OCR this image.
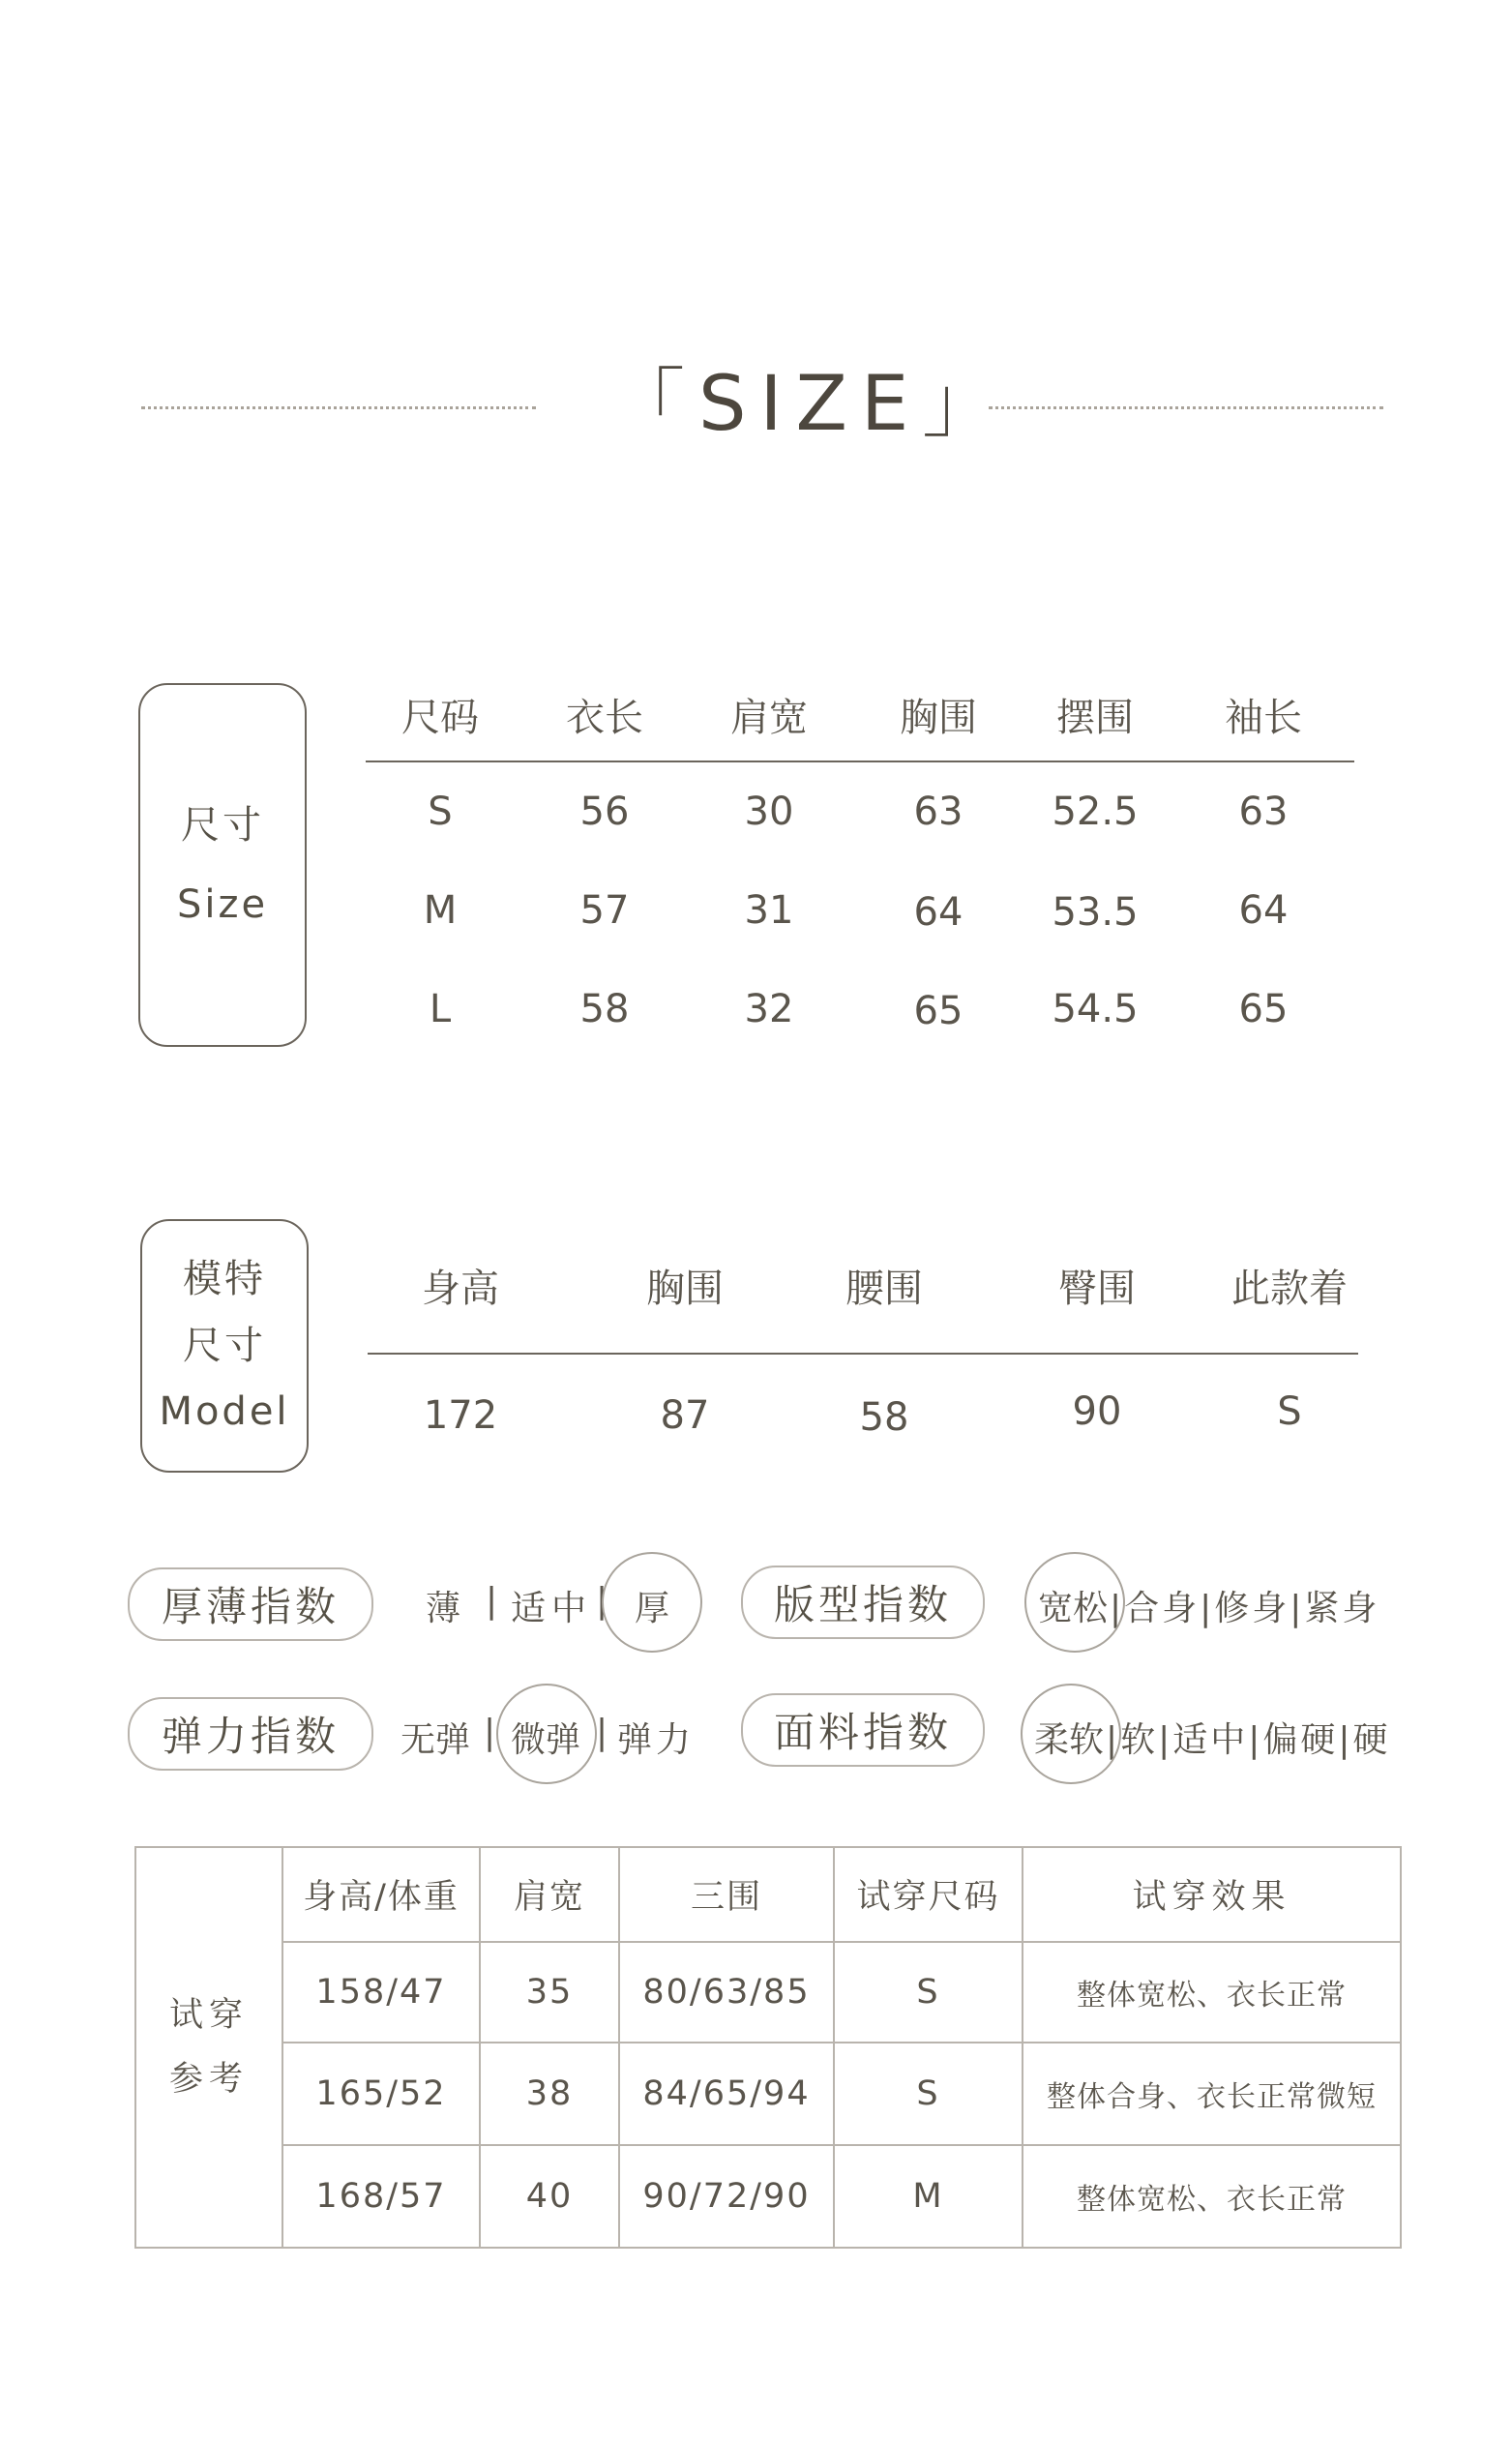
「SIZE」
尺寸
Size
尺码	衣长	肩宽	胸围	摆围	袖长
S	56	30	63	52.5	63
M	57	31	64	53.5	64
L	58	32	65	54.5	65
模特
尺寸
Model
身高	胸围	腰围	臀围	此款着
172	87	58	90	S
厚薄指数	薄 | 适中 | 厚	版型指数	宽松 |合身|修身|紧身
弹力指数	无弹 | 微弹 | 弹力	面料指数	柔软 |软|适中|偏硬|硬
试穿
参考	身高/体重	肩宽	三围	试穿尺码	试穿效果
	158/47	35	80/63/85	S	整体宽松、衣长正常
	165/52	38	84/65/94	S	整体合身、衣长正常微短
	168/57	40	90/72/90	M	整体宽松、衣长正常
